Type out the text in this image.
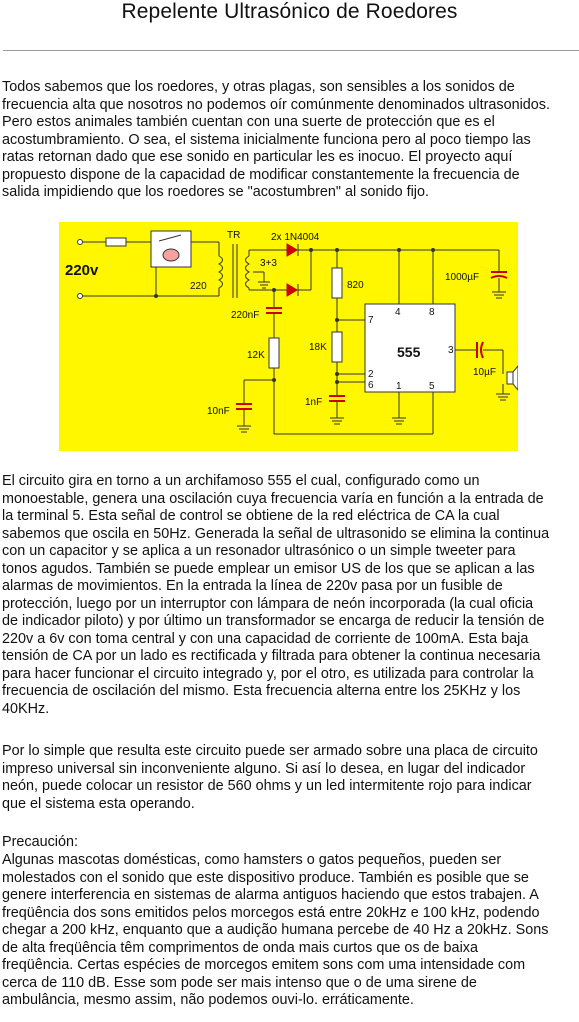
Repelente Ultrasónico de Roedores
Todos sabemos que los roedores, y otras plagas, son sensibles a los sonidos de
frecuencia alta que nosotros no podemos oír comúnmente denominados ultrasonidos.
Pero estos animales también cuentan con una suerte de protección que es el
acostumbramiento. O sea, el sistema inicialmente funciona pero al poco tiempo las
ratas retornan dado que ese sonido en particular les es inocuo. El proyecto aquí
propuesto dispone de la capacidad de modificar constantemente la frecuencia de
salida impidiendo que los roedores se "acostumbren" al sonido fijo.
220v
TR
220
3+3
2x 1N4004
820
1000µF
220nF
12K
18K
10nF
1nF
555
10µF
4	8
7
3
2
6 1	5
El circuito gira en torno a un archifamoso 555 el cual, configurado como un
monoestable, genera una oscilación cuya frecuencia varía en función a la entrada de
la terminal 5. Esta señal de control se obtiene de la red eléctrica de CA la cual
sabemos que oscila en 50Hz. Generada la señal de ultrasonido se elimina la continua
con un capacitor y se aplica a un resonador ultrasónico o un simple tweeter para
tonos agudos. También se puede emplear un emisor US de los que se aplican a las
alarmas de movimientos. En la entrada la línea de 220v pasa por un fusible de
protección, luego por un interruptor con lámpara de neón incorporada (la cual oficia
de indicador piloto) y por último un transformador se encarga de reducir la tensión de
220v a 6v con toma central y con una capacidad de corriente de 100mA. Esta baja
tensión de CA por un lado es rectificada y filtrada para obtener la continua necesaria
para hacer funcionar el circuito integrado y, por el otro, es utilizada para controlar la
frecuencia de oscilación del mismo. Esta frecuencia alterna entre los 25KHz y los
40KHz.
Por lo simple que resulta este circuito puede ser armado sobre una placa de circuito
impreso universal sin inconveniente alguno. Si así lo desea, en lugar del indicador
neón, puede colocar un resistor de 560 ohms y un led intermitente rojo para indicar
que el sistema esta operando.
Precaución:
Algunas mascotas domésticas, como hamsters o gatos pequeños, pueden ser
molestados con el sonido que este dispositivo produce. También es posible que se
genere interferencia en sistemas de alarma antiguos haciendo que estos trabajen. A
freqüência dos sons emitidos pelos morcegos está entre 20kHz e 100 kHz, podendo
chegar a 200 kHz, enquanto que a audição humana percebe de 40 Hz a 20kHz. Sons
de alta freqüência têm comprimentos de onda mais curtos que os de baixa
freqüência. Certas espécies de morcegos emitem sons com uma intensidade com
cerca de 110 dB. Esse som pode ser mais intenso que o de uma sirene de
ambulância, mesmo assim, não podemos ouvi-lo. erráticamente.
